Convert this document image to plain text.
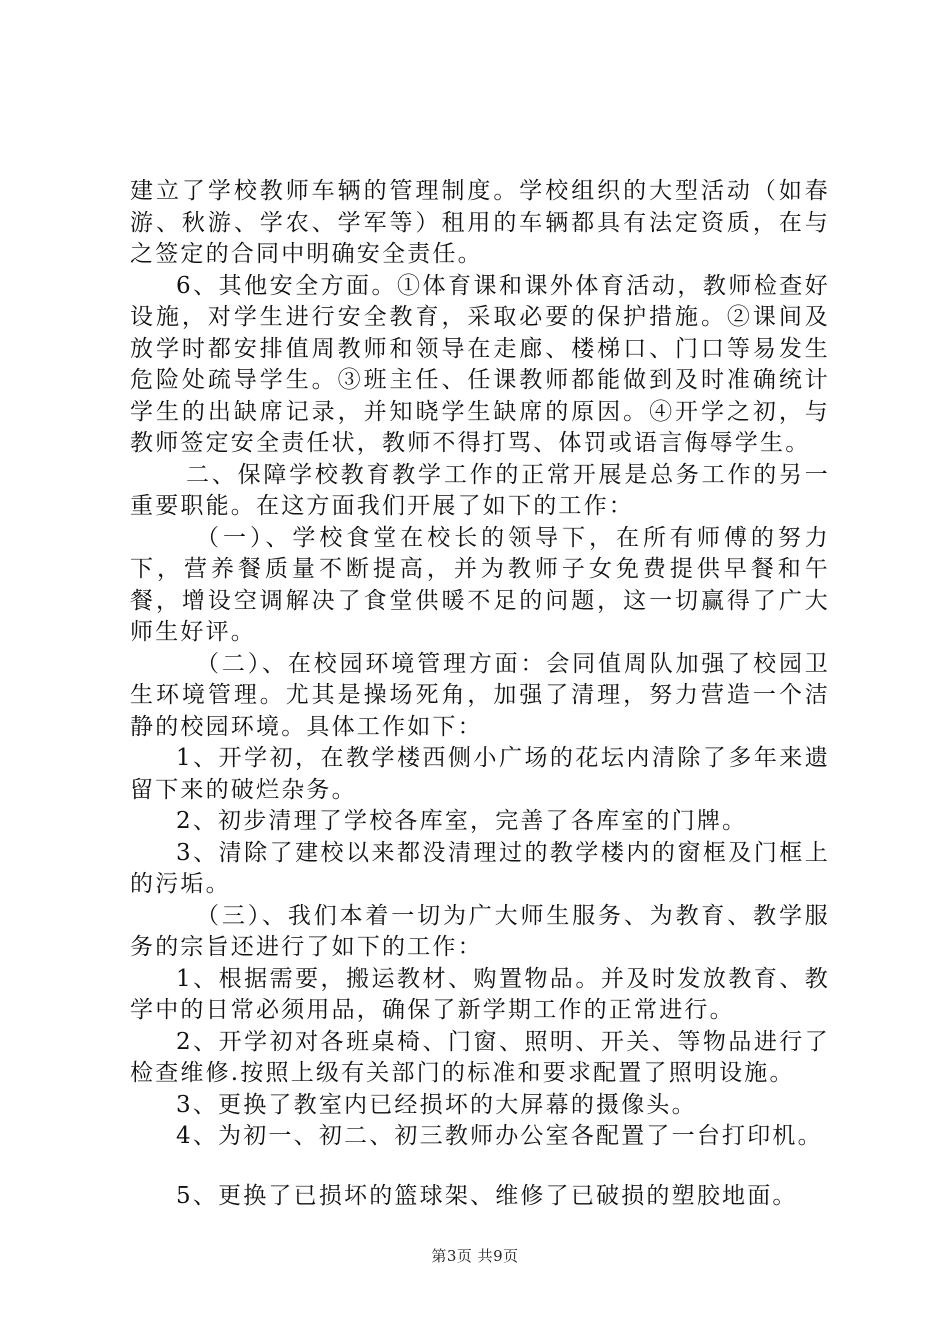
建立了学校教师车辆的管理制度。学校组织的大型活动（如春游、秋游、学农、学军等）租用的车辆都具有法定资质，在与之签定的合同中明确安全责任。

6、其他安全方面。①体育课和课外体育活动，教师检查好设施，对学生进行安全教育，采取必要的保护措施。②课间及放学时都安排值周教师和领导在走廊、楼梯口、门口等易发生危险处疏导学生。③班主任、任课教师都能做到及时准确统计学生的出缺席记录，并知晓学生缺席的原因。④开学之初，与教师签定安全责任状，教师不得打骂、体罚或语言侮辱学生。

二、保障学校教育教学工作的正常开展是总务工作的另一重要职能。在这方面我们开展了如下的工作：

（一）、学校食堂在校长的领导下，在所有师傅的努力下，营养餐质量不断提高，并为教师子女免费提供早餐和午餐，增设空调解决了食堂供暖不足的问题，这一切赢得了广大师生好评。

（二）、在校园环境管理方面：会同值周队加强了校园卫生环境管理。尤其是操场死角，加强了清理，努力营造一个洁静的校园环境。具体工作如下：

1、开学初，在教学楼西侧小广场的花坛内清除了多年来遗留下来的破烂杂务。

2、初步清理了学校各库室，完善了各库室的门牌。

3、清除了建校以来都没清理过的教学楼内的窗框及门框上的污垢。

（三）、我们本着一切为广大师生服务、为教育、教学服务的宗旨还进行了如下的工作：

1、根据需要，搬运教材、购置物品。并及时发放教育、教学中的日常必须用品，确保了新学期工作的正常进行。

2、开学初对各班桌椅、门窗、照明、开关、等物品进行了检查维修.按照上级有关部门的标准和要求配置了照明设施。

3、更换了教室内已经损坏的大屏幕的摄像头。

4、为初一、初二、初三教师办公室各配置了一台打印机。

5、更换了已损坏的篮球架、维修了已破损的塑胶地面。

第3页 共9页
